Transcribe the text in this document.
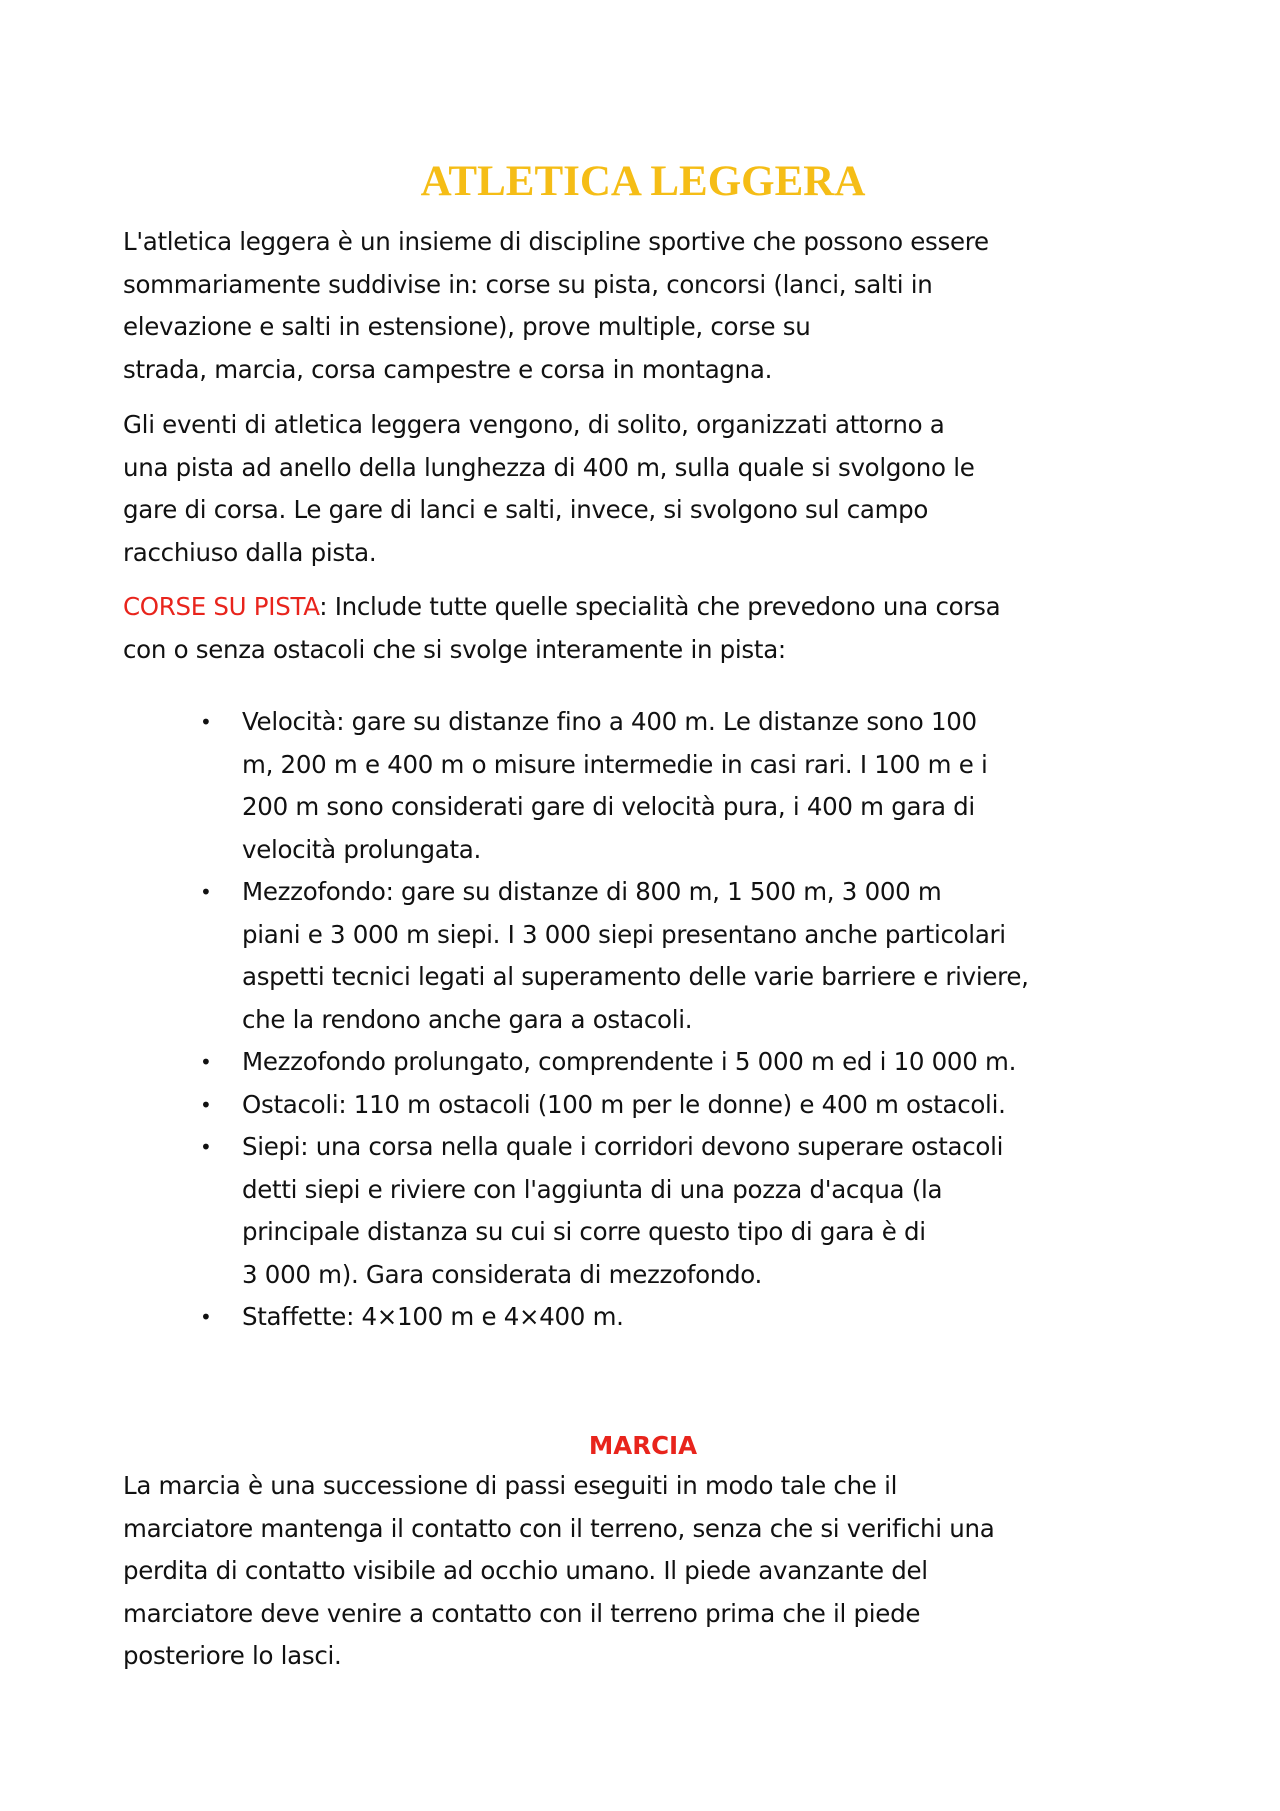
ATLETICA LEGGERA

L'atletica leggera è un insieme di discipline sportive che possono essere
sommariamente suddivise in: corse su pista, concorsi (lanci, salti in
elevazione e salti in estensione), prove multiple, corse su
strada, marcia, corsa campestre e corsa in montagna.

Gli eventi di atletica leggera vengono, di solito, organizzati attorno a
una pista ad anello della lunghezza di 400 m, sulla quale si svolgono le
gare di corsa. Le gare di lanci e salti, invece, si svolgono sul campo
racchiuso dalla pista.

CORSE SU PISTA: Include tutte quelle specialità che prevedono una corsa
con o senza ostacoli che si svolge interamente in pista:

• Velocità: gare su distanze fino a 400 m. Le distanze sono 100
m, 200 m e 400 m o misure intermedie in casi rari. I 100 m e i
200 m sono considerati gare di velocità pura, i 400 m gara di
velocità prolungata.
• Mezzofondo: gare su distanze di 800 m, 1 500 m, 3 000 m
piani e 3 000 m siepi. I 3 000 siepi presentano anche particolari
aspetti tecnici legati al superamento delle varie barriere e riviere,
che la rendono anche gara a ostacoli.
• Mezzofondo prolungato, comprendente i 5 000 m ed i 10 000 m.
• Ostacoli: 110 m ostacoli (100 m per le donne) e 400 m ostacoli.
• Siepi: una corsa nella quale i corridori devono superare ostacoli
detti siepi e riviere con l'aggiunta di una pozza d'acqua (la
principale distanza su cui si corre questo tipo di gara è di
3 000 m). Gara considerata di mezzofondo.
• Staffette: 4×100 m e 4×400 m.
MARCIA

La marcia è una successione di passi eseguiti in modo tale che il
marciatore mantenga il contatto con il terreno, senza che si verifichi una
perdita di contatto visibile ad occhio umano. Il piede avanzante del
marciatore deve venire a contatto con il terreno prima che il piede
posteriore lo lasci.
